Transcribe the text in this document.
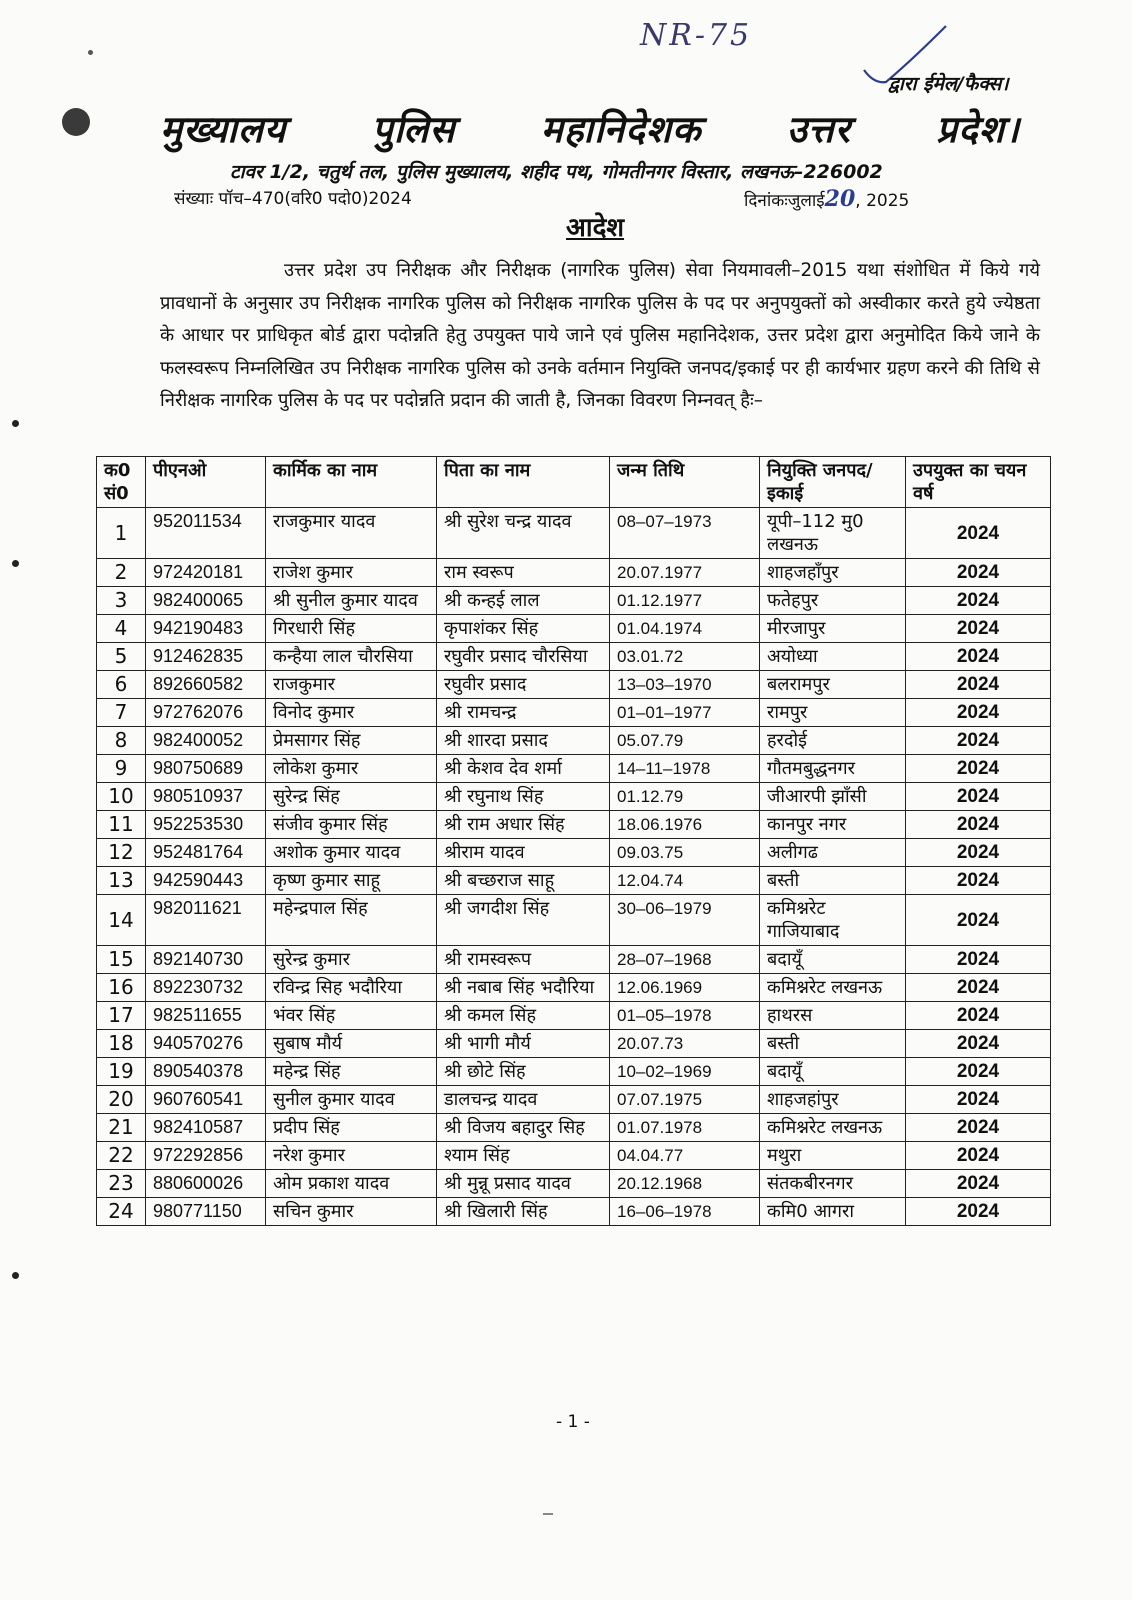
NR-75
द्वारा ईमेल/फैक्स।
मुख्यालय पुलिस महानिदेशक उत्तर प्रदेश।
टावर 1/2, चतुर्थ तल, पुलिस मुख्यालय, शहीद पथ, गोमतीनगर विस्तार, लखनऊ–226002
संख्याः पॉच–470(वरि0 पदो0)2024	दिनांकःजुलाई20, 2025
आदेश
उत्तर प्रदेश उप निरीक्षक और निरीक्षक (नागरिक पुलिस) सेवा नियमावली–2015 यथा संशोधित में किये गये प्रावधानों के अनुसार उप निरीक्षक नागरिक पुलिस को निरीक्षक नागरिक पुलिस के पद पर अनुपयुक्तों को अस्वीकार करते हुये ज्येष्ठता के आधार पर प्राधिकृत बोर्ड द्वारा पदोन्नति हेतु उपयुक्त पाये जाने एवं पुलिस महानिदेशक, उत्तर प्रदेश द्वारा अनुमोदित किये जाने के फलस्वरूप निम्नलिखित उप निरीक्षक नागरिक पुलिस को उनके वर्तमान नियुक्ति जनपद/इकाई पर ही कार्यभार ग्रहण करने की तिथि से निरीक्षक नागरिक पुलिस के पद पर पदोन्नति प्रदान की जाती है, जिनका विवरण निम्नवत् हैः–
क0 सं0	पीएनओ	कार्मिक का नाम	पिता का नाम	जन्म तिथि	नियुक्ति जनपद/इकाई	उपयुक्त का चयन वर्ष
1	952011534	राजकुमार यादव	श्री सुरेश चन्द्र यादव	08–07–1973	यूपी–112 मु0 लखनऊ	2024
2	972420181	राजेश कुमार	राम स्वरूप	20.07.1977	शाहजहाँपुर	2024
3	982400065	श्री सुनील कुमार यादव	श्री कन्हई लाल	01.12.1977	फतेहपुर	2024
4	942190483	गिरधारी सिंह	कृपाशंकर सिंह	01.04.1974	मीरजापुर	2024
5	912462835	कन्हैया लाल चौरसिया	रघुवीर प्रसाद चौरसिया	03.01.72	अयोध्या	2024
6	892660582	राजकुमार	रघुवीर प्रसाद	13–03–1970	बलरामपुर	2024
7	972762076	विनोद कुमार	श्री रामचन्द्र	01–01–1977	रामपुर	2024
8	982400052	प्रेमसागर सिंह	श्री शारदा प्रसाद	05.07.79	हरदोई	2024
9	980750689	लोकेश कुमार	श्री केशव देव शर्मा	14–11–1978	गौतमबुद्धनगर	2024
10	980510937	सुरेन्द्र सिंह	श्री रघुनाथ सिंह	01.12.79	जीआरपी झाँसी	2024
11	952253530	संजीव कुमार सिंह	श्री राम अधार सिंह	18.06.1976	कानपुर नगर	2024
12	952481764	अशोक कुमार यादव	श्रीराम यादव	09.03.75	अलीगढ	2024
13	942590443	कृष्ण कुमार साहू	श्री बच्छराज साहू	12.04.74	बस्ती	2024
14	982011621	महेन्द्रपाल सिंह	श्री जगदीश सिंह	30–06–1979	कमिश्नरेट गाजियाबाद	2024
15	892140730	सुरेन्द्र कुमार	श्री रामस्वरूप	28–07–1968	बदायूँ	2024
16	892230732	रविन्द्र सिह भदौरिया	श्री नबाब सिंह भदौरिया	12.06.1969	कमिश्नरेट लखनऊ	2024
17	982511655	भंवर सिंह	श्री कमल सिंह	01–05–1978	हाथरस	2024
18	940570276	सुबाष मौर्य	श्री भागी मौर्य	20.07.73	बस्ती	2024
19	890540378	महेन्द्र सिंह	श्री छोटे सिंह	10–02–1969	बदायूँ	2024
20	960760541	सुनील कुमार यादव	डालचन्द्र यादव	07.07.1975	शाहजहांपुर	2024
21	982410587	प्रदीप सिंह	श्री विजय बहादुर सिह	01.07.1978	कमिश्नरेट लखनऊ	2024
22	972292856	नरेश कुमार	श्याम सिंह	04.04.77	मथुरा	2024
23	880600026	ओम प्रकाश यादव	श्री मुन्नू प्रसाद यादव	20.12.1968	संतकबीरनगर	2024
24	980771150	सचिन कुमार	श्री खिलारी सिंह	16–06–1978	कमि0 आगरा	2024
- 1 -
